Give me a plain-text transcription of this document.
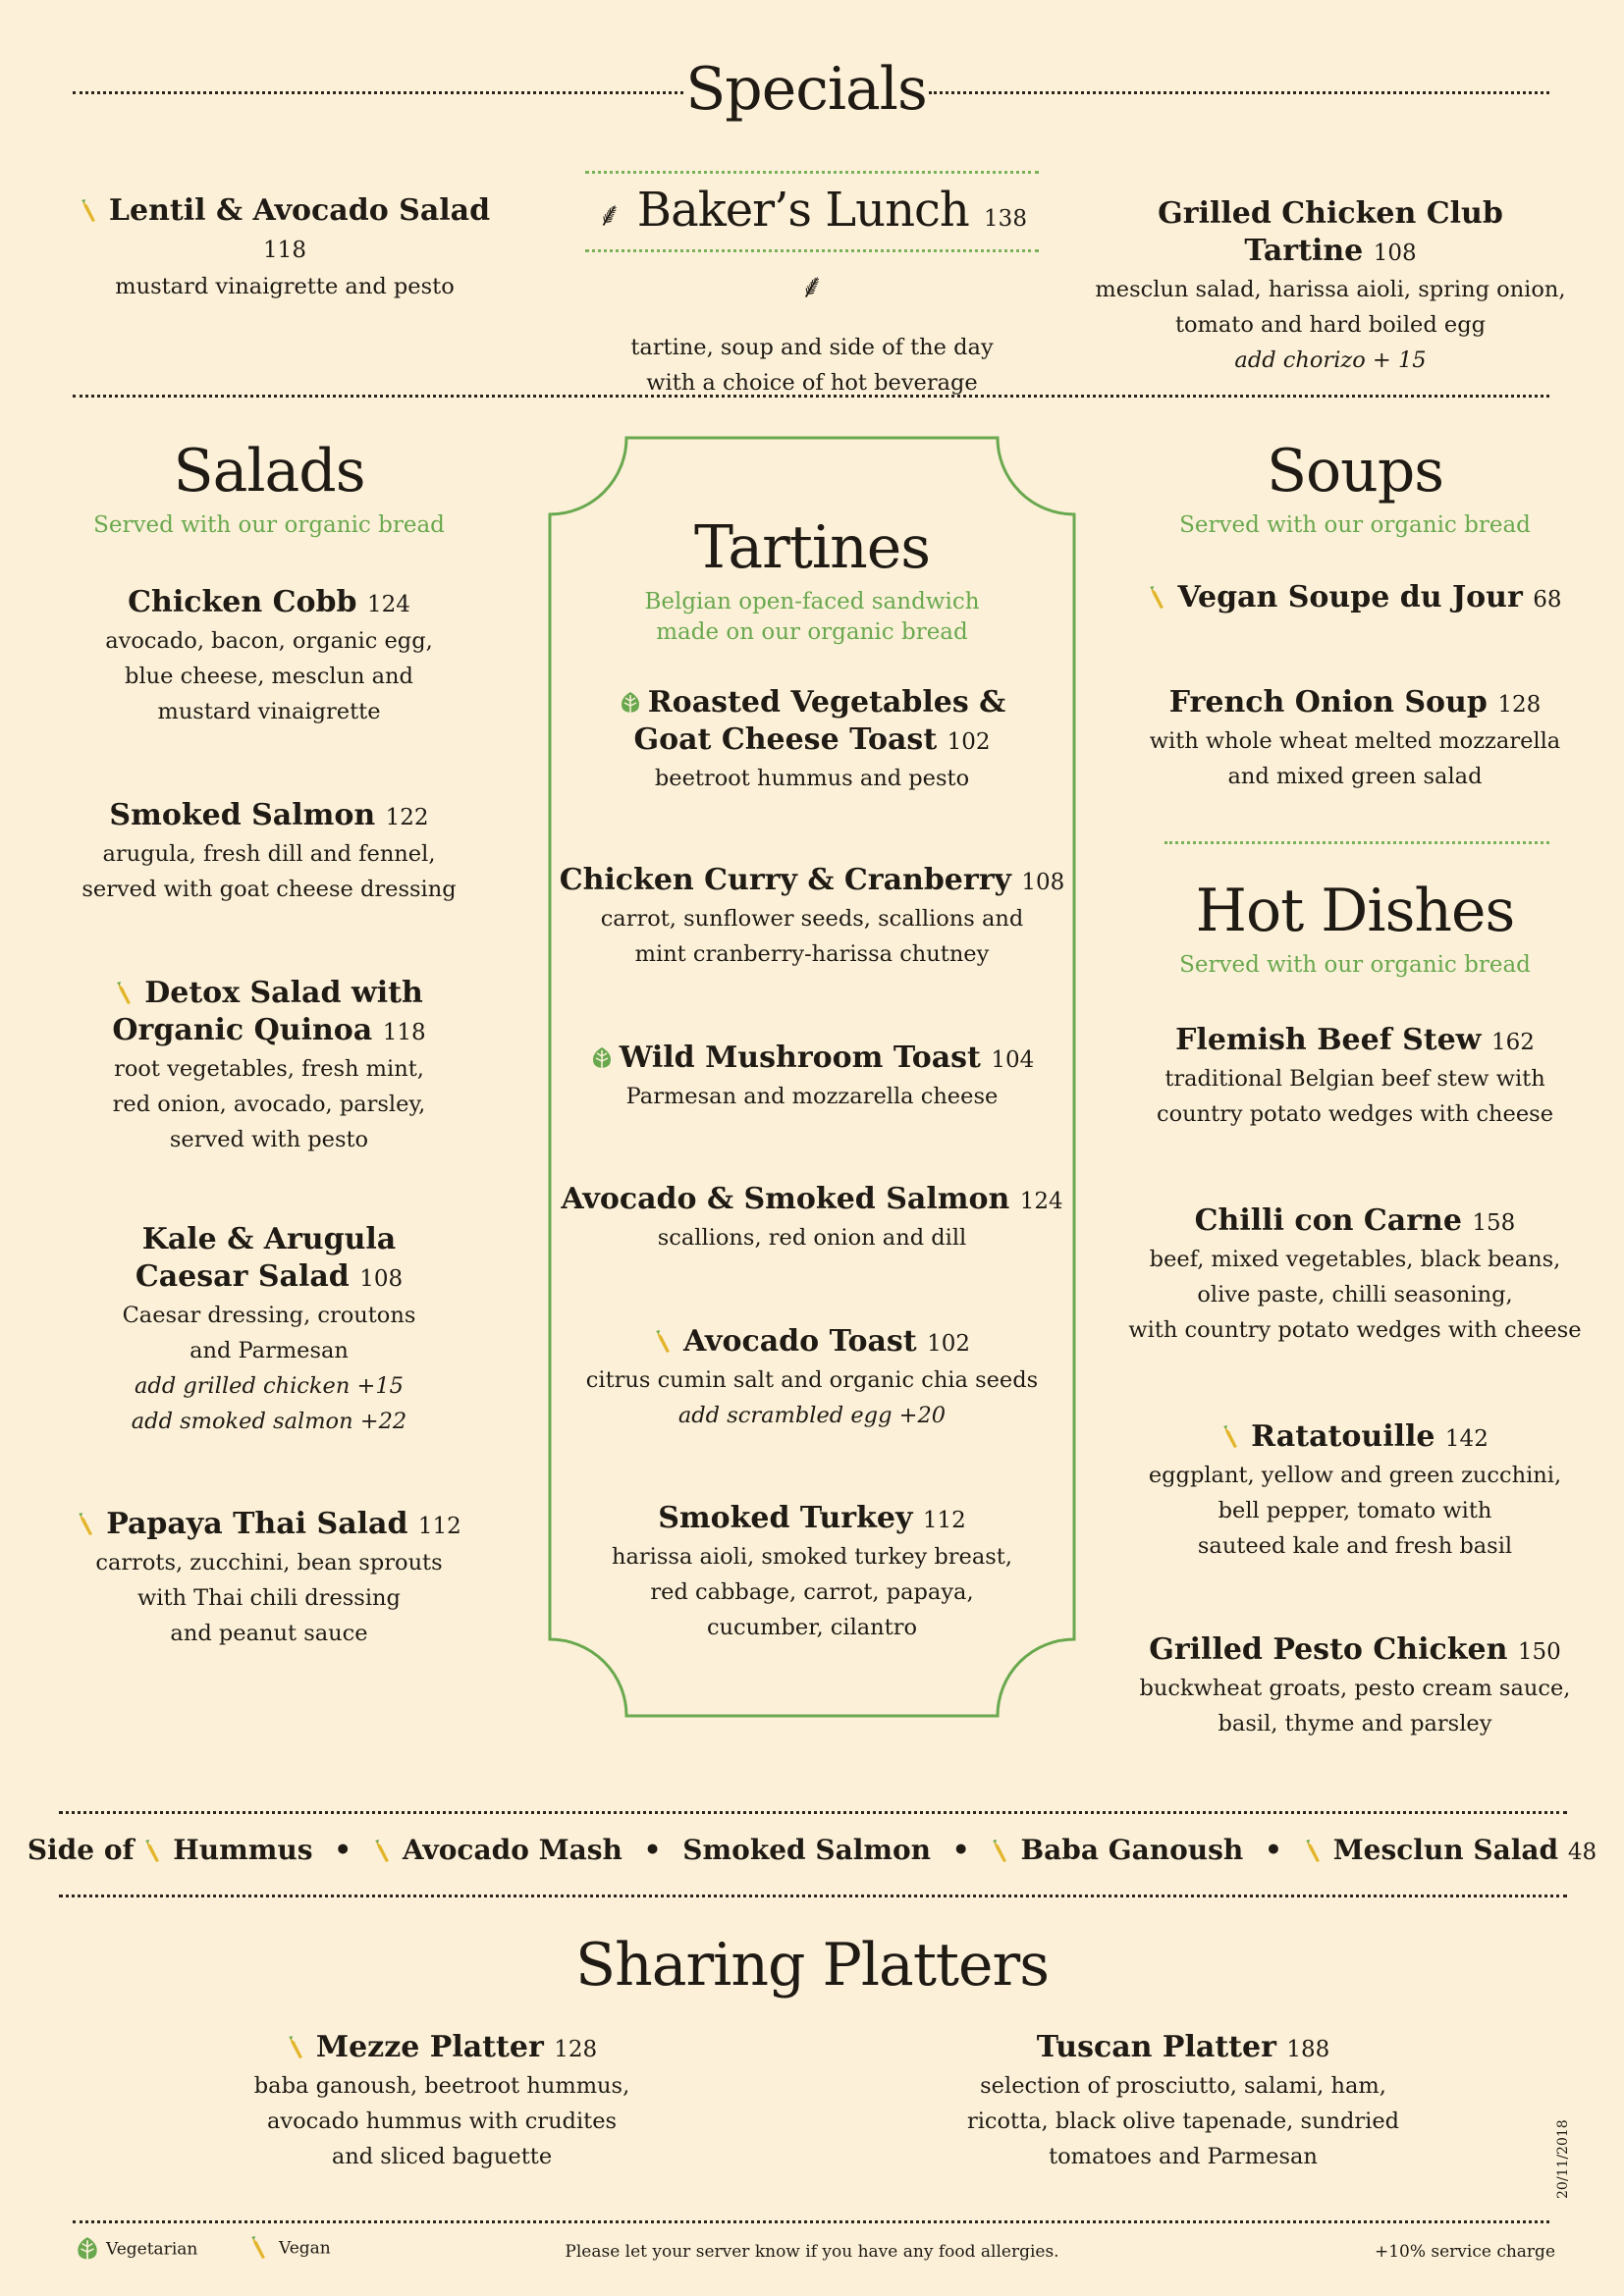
Specials
Lentil & Avocado Salad 118
mustard vinaigrette and pesto
⸙ Baker’s Lunch 138 ⸙
tartine, soup and side of the day
with a choice of hot beverage
Grilled Chicken Club
Tartine 108
mesclun salad, harissa aioli, spring onion,
tomato and hard boiled egg
add chorizo + 15
Salads
Served with our organic bread
Chicken Cobb 124
avocado, bacon, organic egg,
blue cheese, mesclun and
mustard vinaigrette
Smoked Salmon 122
arugula, fresh dill and fennel,
served with goat cheese dressing
Detox Salad with
Organic Quinoa 118
root vegetables, fresh mint,
red onion, avocado, parsley,
served with pesto
Kale & Arugula
Caesar Salad 108
Caesar dressing, croutons
and Parmesan
add grilled chicken +15
add smoked salmon +22
Papaya Thai Salad 112
carrots, zucchini, bean sprouts
with Thai chili dressing
and peanut sauce
Tartines
Belgian open-faced sandwich
made on our organic bread
Roasted Vegetables &
Goat Cheese Toast 102
beetroot hummus and pesto
Chicken Curry & Cranberry 108
carrot, sunflower seeds, scallions and
mint cranberry-harissa chutney
Wild Mushroom Toast 104
Parmesan and mozzarella cheese
Avocado & Smoked Salmon 124
scallions, red onion and dill
Avocado Toast 102
citrus cumin salt and organic chia seeds
add scrambled egg +20
Smoked Turkey 112
harissa aioli, smoked turkey breast,
red cabbage, carrot, papaya,
cucumber, cilantro
Soups
Served with our organic bread
Vegan Soupe du Jour 68
French Onion Soup 128
with whole wheat melted mozzarella
and mixed green salad
Hot Dishes
Served with our organic bread
Flemish Beef Stew 162
traditional Belgian beef stew with
country potato wedges with cheese
Chilli con Carne 158
beef, mixed vegetables, black beans,
olive paste, chilli seasoning,
with country potato wedges with cheese
Ratatouille 142
eggplant, yellow and green zucchini,
bell pepper, tomato with
sauteed kale and fresh basil
Grilled Pesto Chicken 150
buckwheat groats, pesto cream sauce,
basil, thyme and parsley
Side of Hummus • Avocado Mash • Smoked Salmon • Baba Ganoush • Mesclun Salad 48
Sharing Platters
Mezze Platter 128
baba ganoush, beetroot hummus,
avocado hummus with crudites
and sliced baguette
Tuscan Platter 188
selection of prosciutto, salami, ham,
ricotta, black olive tapenade, sundried
tomatoes and Parmesan	20/11/2018
Vegetarian	Vegan	Please let your server know if you have any food allergies.	+10% service charge
